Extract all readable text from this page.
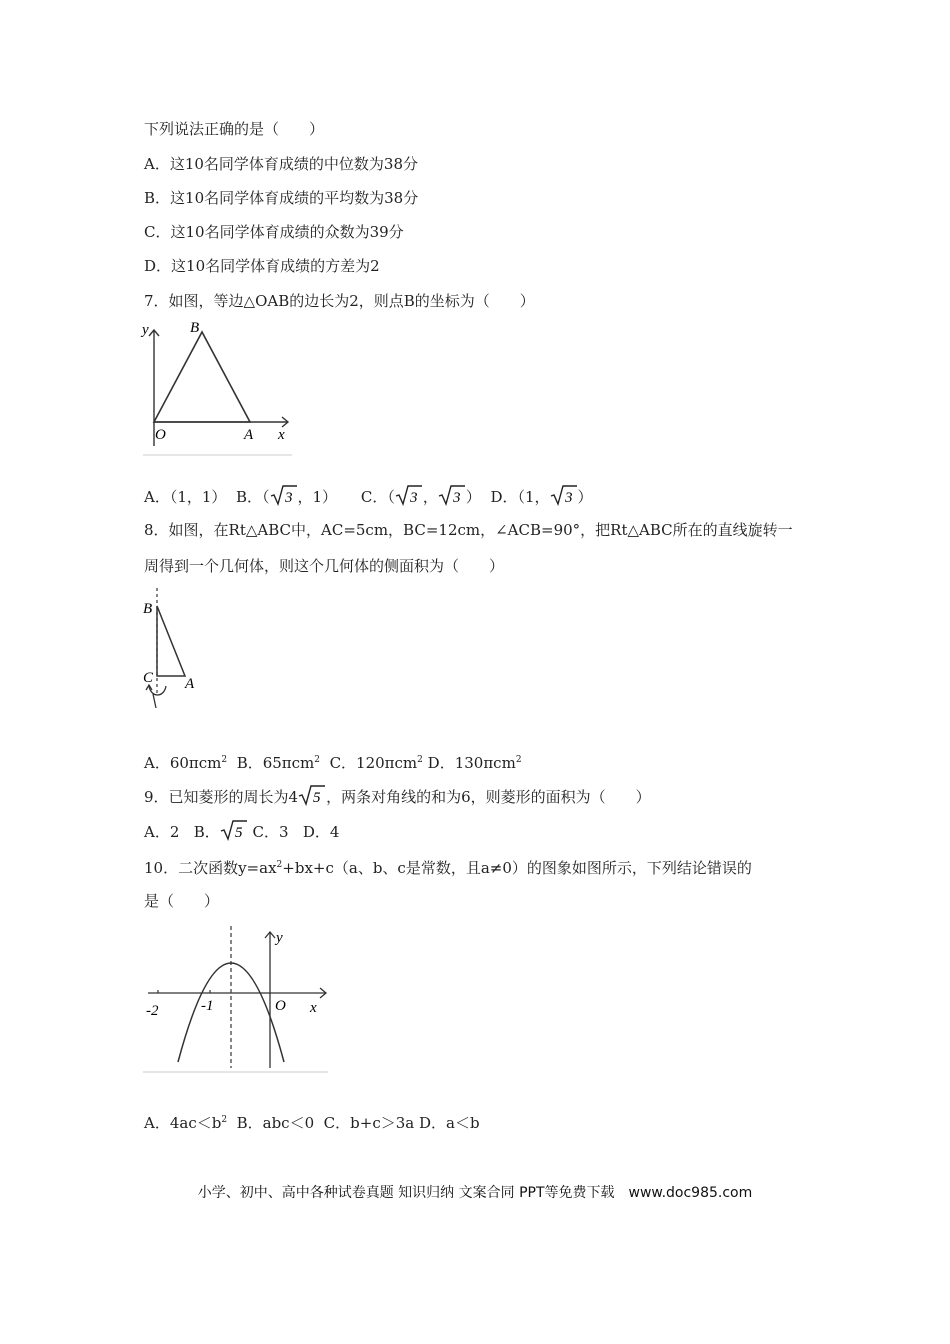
下列说法正确的是（　　）
A．这10名同学体育成绩的中位数为38分
B．这10名同学体育成绩的平均数为38分
C．这10名同学体育成绩的众数为39分
D．这10名同学体育成绩的方差为2
7．如图，等边△OAB的边长为2，则点B的坐标为（　　）
y	B
O	A x
A．（1，1） B．（ 3 ，1） C．（ 3 ， 3 ） D．（1， 3 ）
8．如图，在Rt△ABC中，AC=5cm，BC=12cm，∠ACB=90°，把Rt△ABC所在的直线旋转一
周得到一个几何体，则这个几何体的侧面积为（　　）
B
C A
A．60πcm$^2$ B．65πcm$^2$ C．120πcm$^2$ D．130πcm$^2$
9．已知菱形的周长为4 5 ，两条对角线的和为6，则菱形的面积为（　　）
A．2 B． 5 C．3 D．4
10．二次函数$y=ax^2+bx+c(a$、b、c是常数，且a≠0）的图象如图所示，下列结论错误的
是（　　）
y
x
O
-2	-1
A．$4ac<b^2$ B．abc＜0 C．b+c＞3a D．a＜b
小学、初中、高中各种试卷真题 知识归纳 文案合同 PPT等免费下载　www.doc985.com
